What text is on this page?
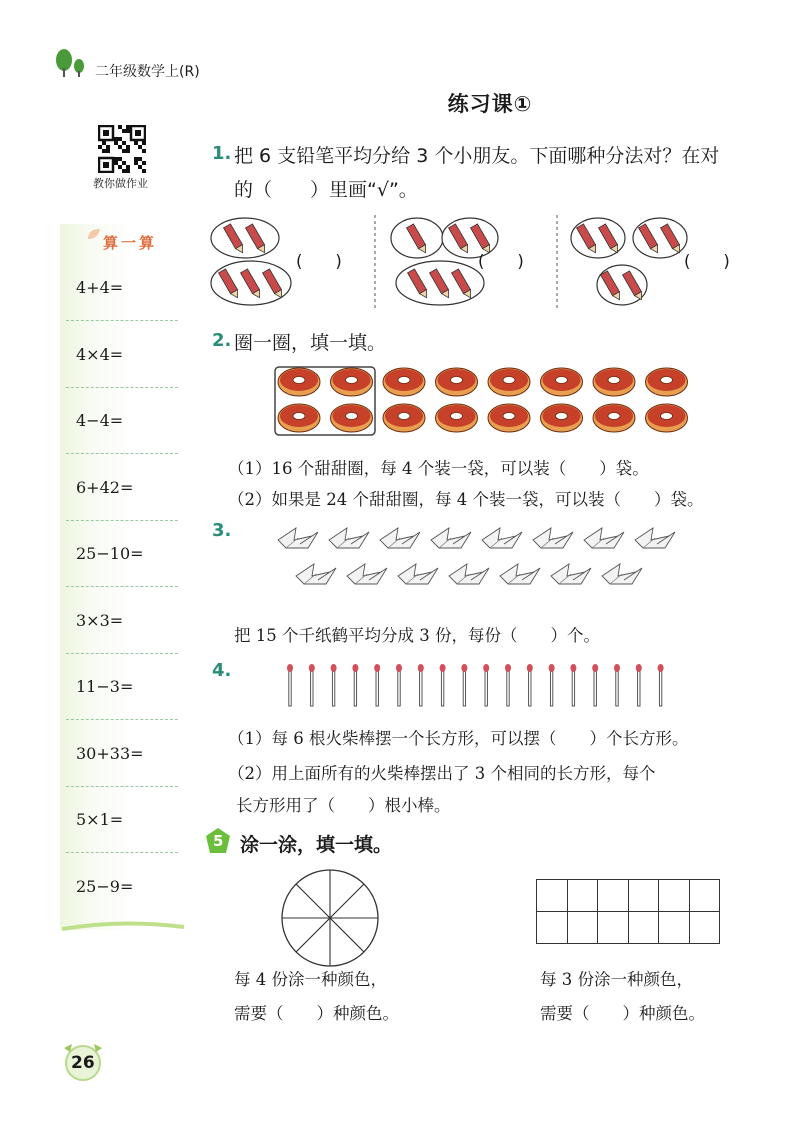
二年级数学上(R)
练习课①
教你做作业
算一算
4+4=
4×4=
4−4=
6+42=
25−10=
3×3=
11−3=
30+33=
5×1=
25−9=
1. 把 6 支铅笔平均分给 3 个小朋友。下面哪种分法对？在对
的（　　）里画“√”。
(　　)	(　　)	(　　)
2. 圈一圈，填一填。
（1）16 个甜甜圈，每 4 个装一袋，可以装（　　）袋。
（2）如果是 24 个甜甜圈，每 4 个装一袋，可以装（　　）袋。
3.
把 15 个千纸鹤平均分成 3 份，每份（　　）个。
4.
（1）每 6 根火柴棒摆一个长方形，可以摆（　　）个长方形。
（2）用上面所有的火柴棒摆出了 3 个相同的长方形，每个
长方形用了（　　）根小棒。
5 涂一涂，填一填。
每 4 份涂一种颜色，
需要（　　）种颜色。
每 3 份涂一种颜色，
需要（　　）种颜色。
26
